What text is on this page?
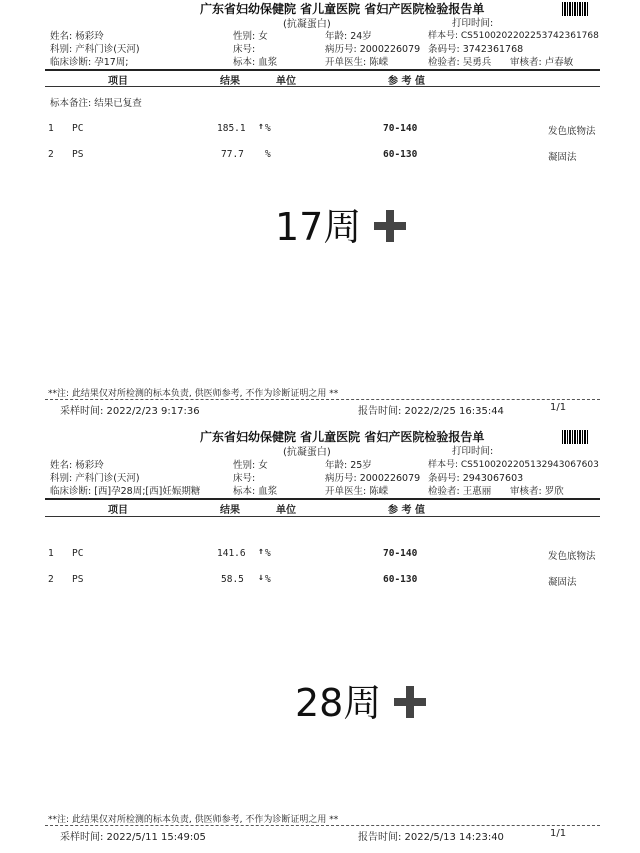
广东省妇幼保健院 省儿童医院 省妇产医院检验报告单
(抗凝蛋白)	打印时间:
姓名: 杨彩玲	性别: 女	年龄: 24岁	样本号: CS5100202202253742361768
科别: 产科门诊(天河)	床号:	病历号: 2000226079 条码号: 3742361768
临床诊断: 孕17周;	标本: 血浆	开单医生: 陈嵘	检验者: 吴勇兵 审核者: 卢春敏
项目	结果	单位	参 考 值
标本备注: 结果已复查
1 PC	185.1 ↑ %	70-140	发色底物法
2 PS	77.7 %	60-130	凝固法
17周
**注: 此结果仅对所检测的标本负责, 供医师参考, 不作为诊断证明之用 **
采样时间: 2022/2/23 9:17:36	报告时间: 2022/2/25 16:35:44	1/1
广东省妇幼保健院 省儿童医院 省妇产医院检验报告单
(抗凝蛋白)	打印时间:
姓名: 杨彩玲	性别: 女	年龄: 25岁	样本号: CS5100202205132943067603
科别: 产科门诊(天河)	床号:	病历号: 2000226079 条码号: 2943067603
临床诊断: [西]孕28周;[西]妊娠期糖	标本: 血浆	开单医生: 陈嵘	检验者: 王惠丽 审核者: 罗欣
项目	结果	单位	参 考 值
1 PC	141.6 ↑ %	70-140	发色底物法
2 PS	58.5 ↓ %	60-130	凝固法
28周
**注: 此结果仅对所检测的标本负责, 供医师参考, 不作为诊断证明之用 **
采样时间: 2022/5/11 15:49:05	报告时间: 2022/5/13 14:23:40	1/1
